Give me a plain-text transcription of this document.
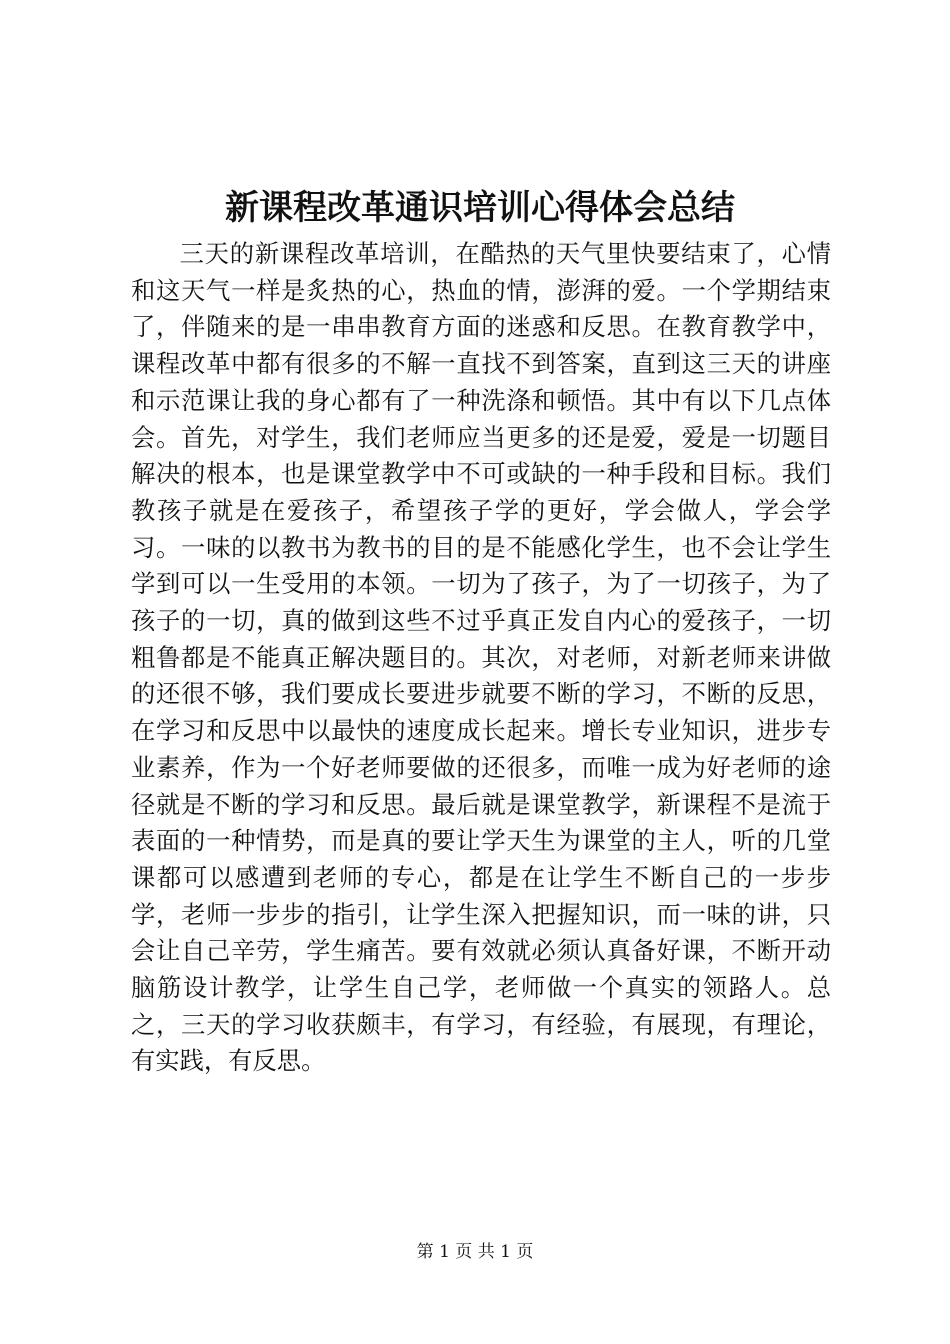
新课程改革通识培训心得体会总结

三天的新课程改革培训，在酷热的天气里快要结束了，心情和这天气一样是炙热的心，热血的情，澎湃的爱。一个学期结束了，伴随来的是一串串教育方面的迷惑和反思。在教育教学中，课程改革中都有很多的不解一直找不到答案，直到这三天的讲座和示范课让我的身心都有了一种洗涤和顿悟。其中有以下几点体会。首先，对学生，我们老师应当更多的还是爱，爱是一切题目解决的根本，也是课堂教学中不可或缺的一种手段和目标。我们教孩子就是在爱孩子，希望孩子学的更好，学会做人，学会学习。一味的以教书为教书的目的是不能感化学生，也不会让学生学到可以一生受用的本领。一切为了孩子，为了一切孩子，为了孩子的一切，真的做到这些不过乎真正发自内心的爱孩子，一切粗鲁都是不能真正解决题目的。其次，对老师，对新老师来讲做的还很不够，我们要成长要进步就要不断的学习，不断的反思，在学习和反思中以最快的速度成长起来。增长专业知识，进步专业素养，作为一个好老师要做的还很多，而唯一成为好老师的途径就是不断的学习和反思。最后就是课堂教学，新课程不是流于表面的一种情势，而是真的要让学天生为课堂的主人，听的几堂课都可以感遭到老师的专心，都是在让学生不断自己的一步步学，老师一步步的指引，让学生深入把握知识，而一味的讲，只会让自己辛劳，学生痛苦。要有效就必须认真备好课，不断开动脑筋设计教学，让学生自己学，老师做一个真实的领路人。总之，三天的学习收获颇丰，有学习，有经验，有展现，有理论，有实践，有反思。

第 1 页 共 1 页
